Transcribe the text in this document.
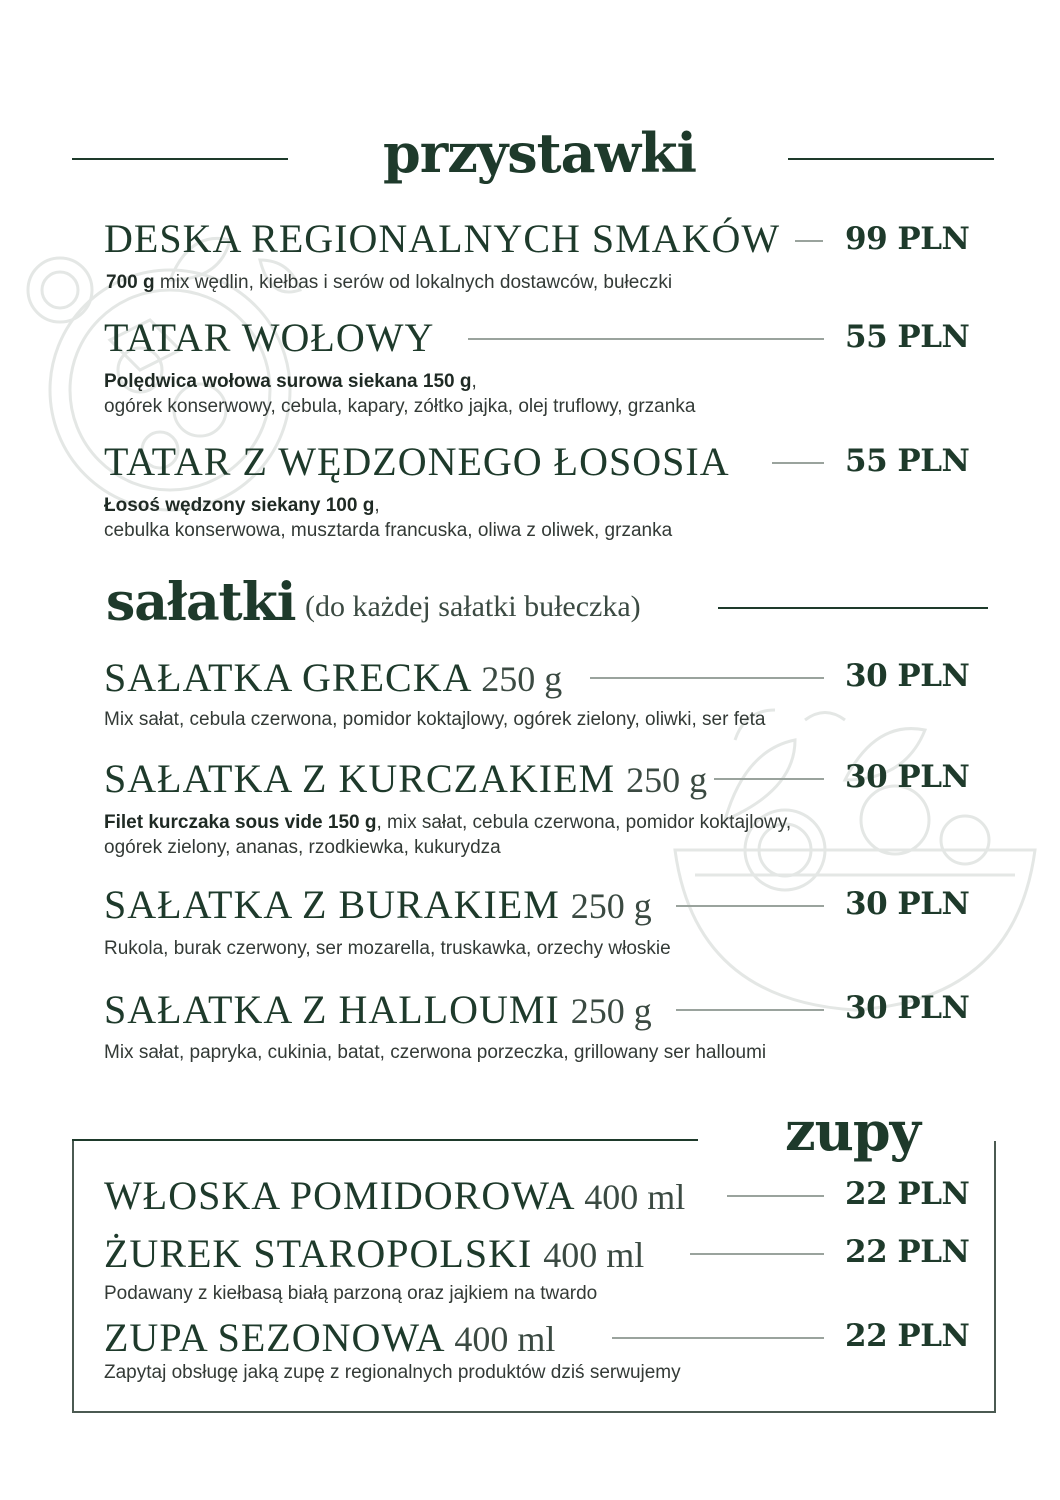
przystawki
DESKA REGIONALNYCH SMAKÓW 99 PLN
700 g mix wędlin, kiełbas i serów od lokalnych dostawców, bułeczki
TATAR WOŁOWY	55 PLN
Polędwica wołowa surowa siekana 150 g,
ogórek konserwowy, cebula, kapary, zółtko jajka, olej truflowy, grzanka
TATAR Z WĘDZONEGO ŁOSOSIA	55 PLN
Łosoś wędzony siekany 100 g,
cebulka konserwowa, musztarda francuska, oliwa z oliwek, grzanka
sałatki (do każdej sałatki bułeczka)
SAŁATKA GRECKA 250 g	30 PLN
Mix sałat, cebula czerwona, pomidor koktajlowy, ogórek zielony, oliwki, ser feta
SAŁATKA Z KURCZAKIEM 250 g	30 PLN
Filet kurczaka sous vide 150 g, mix sałat, cebula czerwona, pomidor koktajlowy,
ogórek zielony, ananas, rzodkiewka, kukurydza
SAŁATKA Z BURAKIEM 250 g	30 PLN
Rukola, burak czerwony, ser mozarella, truskawka, orzechy włoskie
SAŁATKA Z HALLOUMI 250 g	30 PLN
Mix sałat, papryka, cukinia, batat, czerwona porzeczka, grillowany ser halloumi
zupy
WŁOSKA POMIDOROWA 400 ml	22 PLN
ŻUREK STAROPOLSKI 400 ml	22 PLN
Podawany z kiełbasą białą parzoną oraz jajkiem na twardo
ZUPA SEZONOWA 400 ml	22 PLN
Zapytaj obsługę jaką zupę z regionalnych produktów dziś serwujemy
